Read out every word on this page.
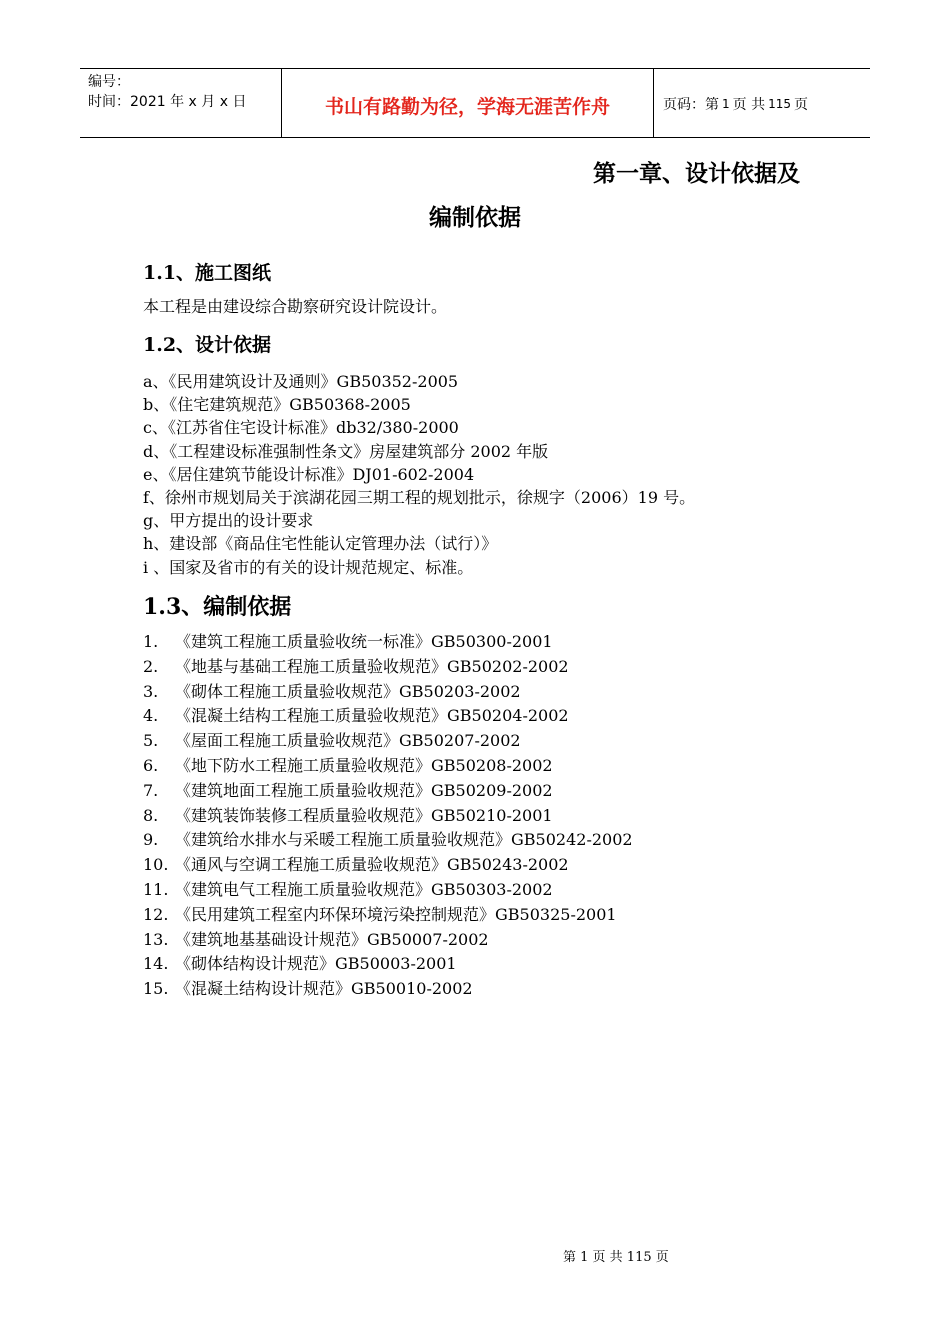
编号：
时间：2021 年 x 月 x 日	书山有路勤为径，学海无涯苦作舟	页码：第 1 页 共 115 页
第一章、设计依据及
编制依据
1.1、施工图纸
本工程是由建设综合勘察研究设计院设计。
1.2、设计依据
a、《民用建筑设计及通则》GB50352-2005
b、《住宅建筑规范》GB50368-2005
c、《江苏省住宅设计标准》db32/380-2000
d、《工程建设标准强制性条文》房屋建筑部分 2002 年版
e、《居住建筑节能设计标准》DJ01-602-2004
f、徐州市规划局关于滨湖花园三期工程的规划批示，徐规字（2006）19 号。
g、甲方提出的设计要求
h、建设部《商品住宅性能认定管理办法（试行）》
i 、国家及省市的有关的设计规范规定、标准。
1.3、编制依据
1. 《建筑工程施工质量验收统一标准》GB50300-2001
2. 《地基与基础工程施工质量验收规范》GB50202-2002
3. 《砌体工程施工质量验收规范》GB50203-2002
4. 《混凝土结构工程施工质量验收规范》GB50204-2002
5. 《屋面工程施工质量验收规范》GB50207-2002
6. 《地下防水工程施工质量验收规范》GB50208-2002
7. 《建筑地面工程施工质量验收规范》GB50209-2002
8. 《建筑装饰装修工程质量验收规范》GB50210-2001
9. 《建筑给水排水与采暖工程施工质量验收规范》GB50242-2002
10. 《通风与空调工程施工质量验收规范》GB50243-2002
11. 《建筑电气工程施工质量验收规范》GB50303-2002
12. 《民用建筑工程室内环保环境污染控制规范》GB50325-2001
13. 《建筑地基基础设计规范》GB50007-2002
14. 《砌体结构设计规范》GB50003-2001
15. 《混凝土结构设计规范》GB50010-2002
第 1 页 共 115 页
